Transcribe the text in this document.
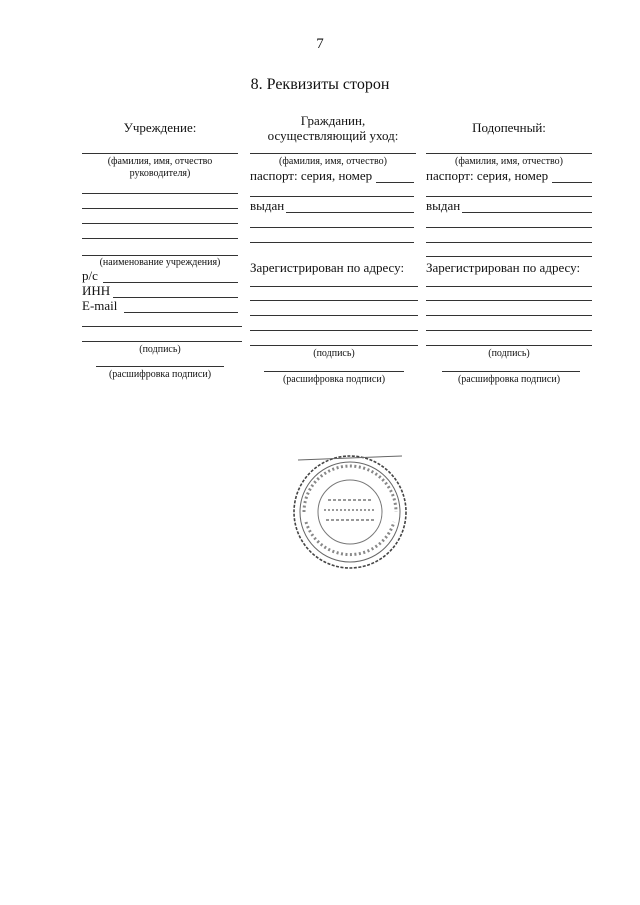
7
8. Реквизиты сторон
Учреждение:
(фамилия, имя, отчество руководителя)
(наименование учреждения)
р/с
ИНН
E-mail
(подпись)
(расшифровка подписи)
Гражданин, осуществляющий уход:
(фамилия, имя, отчество)
паспорт: серия, номер
выдан
Зарегистрирован по адресу:
(подпись)
(расшифровка подписи)
Подопечный:
(фамилия, имя, отчество)
паспорт: серия, номер
выдан
Зарегистрирован по адресу:
(подпись)
(расшифровка подписи)
